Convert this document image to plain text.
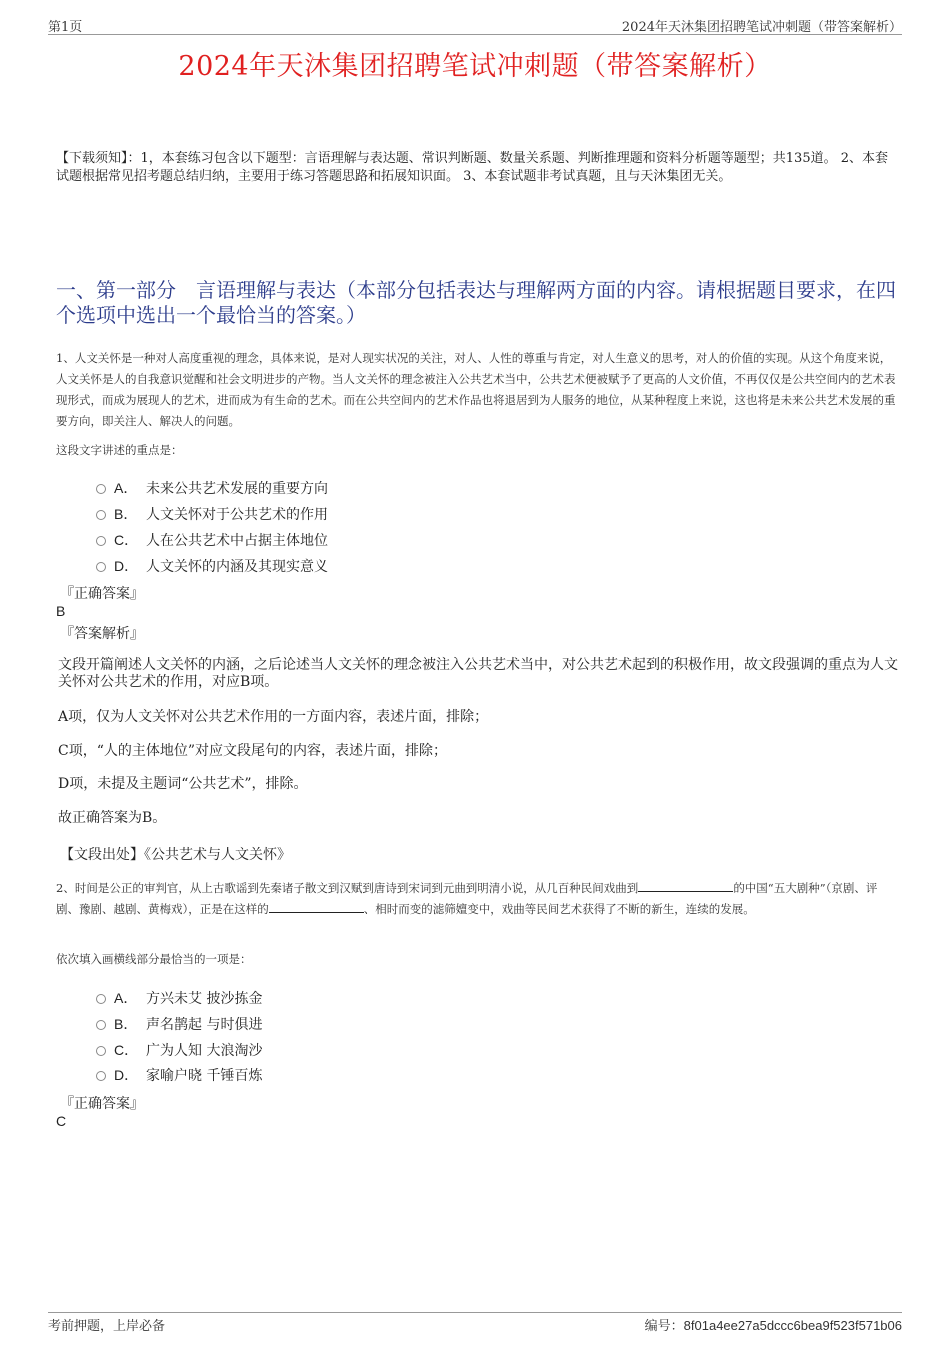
第1页	2024年天沐集团招聘笔试冲刺题（带答案解析）
2024年天沐集团招聘笔试冲刺题（带答案解析）
【下载须知】：1，本套练习包含以下题型：言语理解与表达题、常识判断题、数量关系题、判断推理题和资料分析题等题型；共135道。 2、本套试题根据常见招考题总结归纳，主要用于练习答题思路和拓展知识面。 3、本套试题非考试真题，且与天沐集团无关。
一、第一部分　言语理解与表达（本部分包括表达与理解两方面的内容。请根据题目要求，在四个选项中选出一个最恰当的答案。）
1、人文关怀是一种对人高度重视的理念，具体来说，是对人现实状况的关注，对人、人性的尊重与肯定，对人生意义的思考，对人的价值的实现。从这个角度来说，人文关怀是人的自我意识觉醒和社会文明进步的产物。当人文关怀的理念被注入公共艺术当中，公共艺术便被赋予了更高的人文价值，不再仅仅是公共空间内的艺术表现形式，而成为展现人的艺术，进而成为有生命的艺术。而在公共空间内的艺术作品也将退居到为人服务的地位，从某种程度上来说，这也将是未来公共艺术发展的重要方向，即关注人、解决人的问题。
这段文字讲述的重点是：
A． 未来公共艺术发展的重要方向
B． 人文关怀对于公共艺术的作用
C． 人在公共艺术中占据主体地位
D． 人文关怀的内涵及其现实意义
『正确答案』
B
『答案解析』
文段开篇阐述人文关怀的内涵，之后论述当人文关怀的理念被注入公共艺术当中，对公共艺术起到的积极作用，故文段强调的重点为人文关怀对公共艺术的作用，对应B项。
A项，仅为人文关怀对公共艺术作用的一方面内容，表述片面，排除；
C项，“人的主体地位”对应文段尾句的内容，表述片面，排除；
D项，未提及主题词“公共艺术”，排除。
故正确答案为B。
【文段出处】《公共艺术与人文关怀》
2、时间是公正的审判官，从上古歌谣到先秦诸子散文到汉赋到唐诗到宋词到元曲到明清小说，从几百种民间戏曲到	的中国“五大剧种”（京剧、评剧、豫剧、越剧、黄梅戏），正是在这样的	、相时而变的滤筛嬗变中，戏曲等民间艺术获得了不断的新生，连续的发展。
依次填入画横线部分最恰当的一项是：
A． 方兴未艾 披沙拣金
B． 声名鹊起 与时俱进
C． 广为人知 大浪淘沙
D． 家喻户晓 千锤百炼
『正确答案』
C
考前押题，上岸必备	编号：8f01a4ee27a5dccc6bea9f523f571b06
